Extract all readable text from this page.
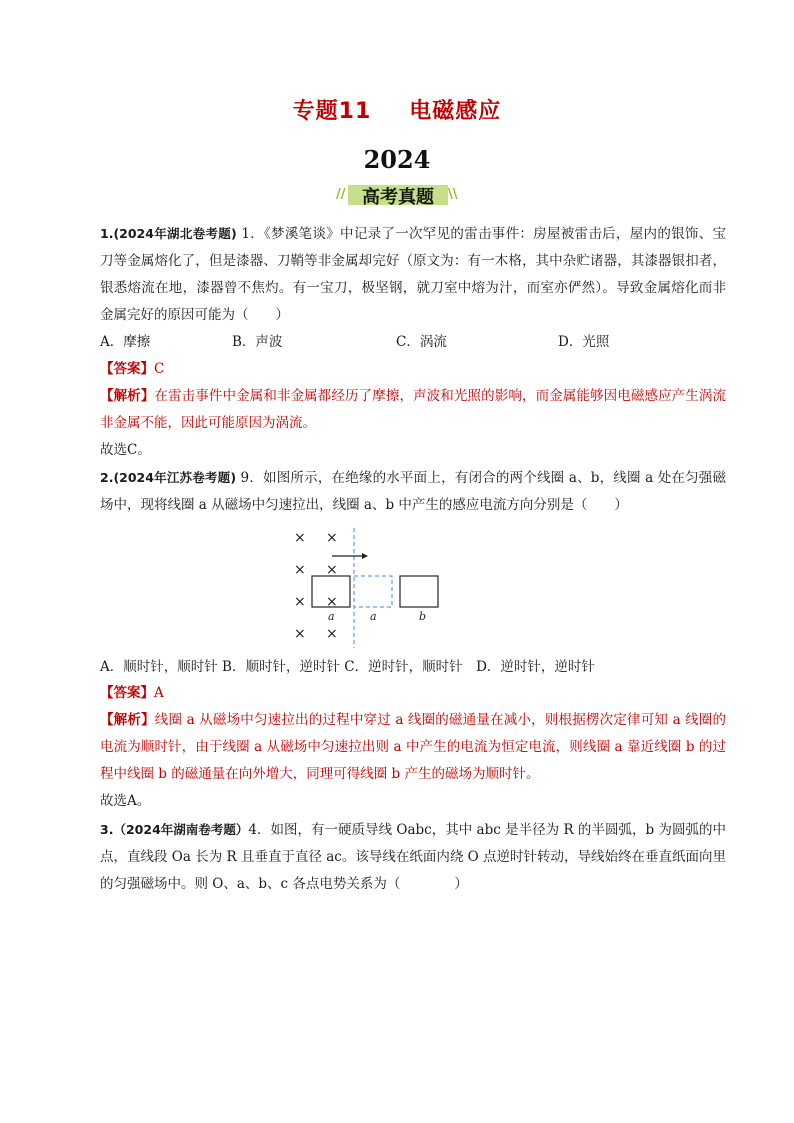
专题11 电磁感应
2024
//	\\
高考真题
1.(2024年湖北卷考题) 1．《梦溪笔谈》中记录了一次罕见的雷击事件：房屋被雷击后，屋内的银饰、宝刀等金属熔化了，但是漆器、刀鞘等非金属却完好（原文为：有一木格，其中杂贮诸器，其漆器银扣者，银悉熔流在地，漆器曾不焦灼。有一宝刀，极坚钢，就刀室中熔为汁，而室亦俨然）。导致金属熔化而非金属完好的原因可能为（　　）
A．摩擦	B．声波	C．涡流	D．光照
【答案】C
【解析】在雷击事件中金属和非金属都经历了摩擦，声波和光照的影响，而金属能够因电磁感应产生涡流非金属不能，因此可能原因为涡流。
故选C。
2.(2024年江苏卷考题) 9．如图所示，在绝缘的水平面上，有闭合的两个线圈 a、b，线圈 a 处在匀强磁场中，现将线圈 a 从磁场中匀速拉出，线圈 a、b 中产生的感应电流方向分别是（　　）
× ×
× ×
× ×
× ×
a	a	b
A．顺时针，顺时针 B．顺时针，逆时针 C．逆时针，顺时针　D．逆时针，逆时针
【答案】A
【解析】线圈 a 从磁场中匀速拉出的过程中穿过 a 线圈的磁通量在减小，则根据楞次定律可知 a 线圈的电流为顺时针，由于线圈 a 从磁场中匀速拉出则 a 中产生的电流为恒定电流，则线圈 a 靠近线圈 b 的过程中线圈 b 的磁通量在向外增大，同理可得线圈 b 产生的磁场为顺时针。
故选A。
3.（2024年湖南卷考题）4．如图，有一硬质导线 Oabc，其中 abc 是半径为 R 的半圆弧，b 为圆弧的中点，直线段 Oa 长为 R 且垂直于直径 ac。该导线在纸面内绕 O 点逆时针转动，导线始终在垂直纸面向里的匀强磁场中。则 O、a、b、c 各点电势关系为（　　　　）
